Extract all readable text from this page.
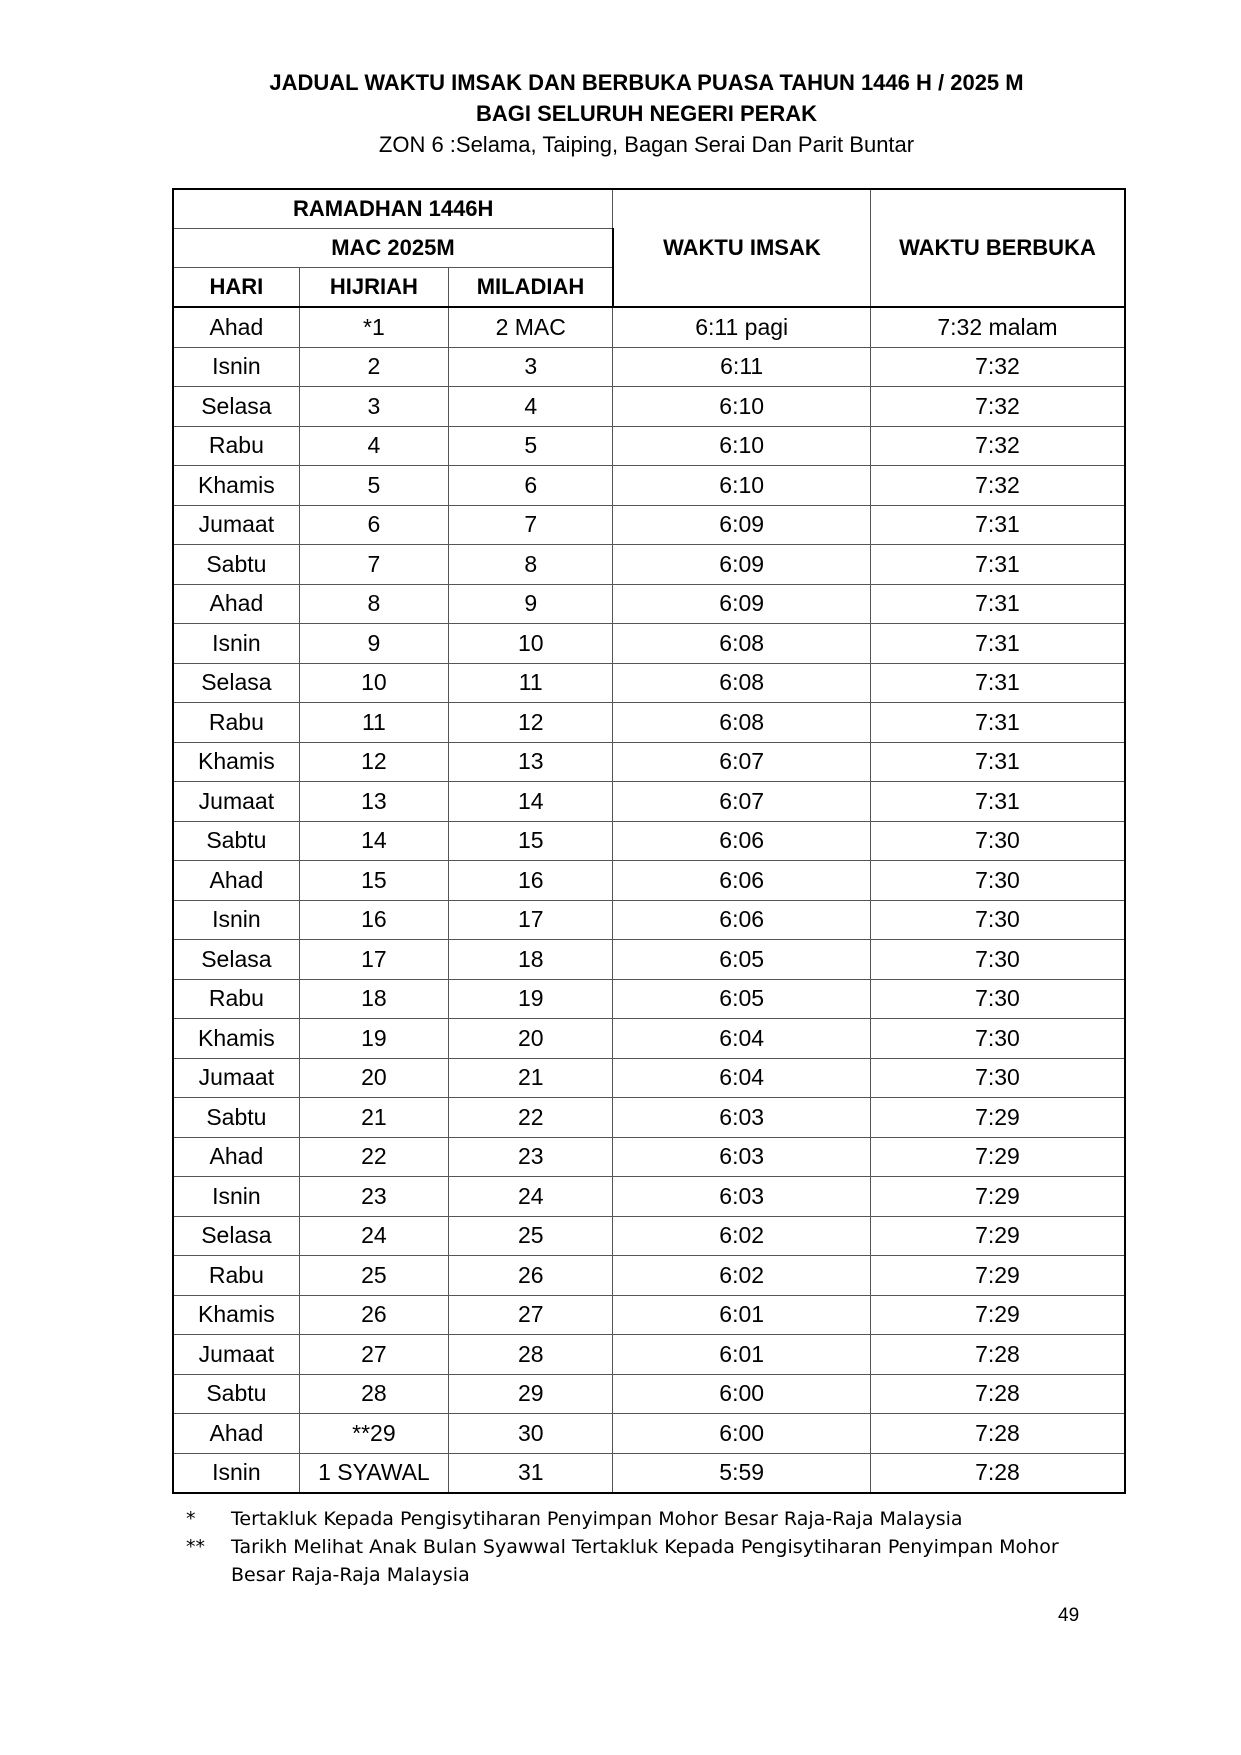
JADUAL WAKTU IMSAK DAN BERBUKA PUASA TAHUN 1446 H / 2025 M
BAGI SELURUH NEGERI PERAK
ZON 6 :Selama, Taiping, Bagan Serai Dan Parit Buntar
RAMADHAN 1446H			WAKTU IMSAK	WAKTU BERBUKA
MAC 2025M				
HARI	HIJRIAH	MILADIAH		
Ahad	*1	2 MAC	6:11 pagi	7:32 malam
Isnin	2	3	6:11	7:32
Selasa	3	4	6:10	7:32
Rabu	4	5	6:10	7:32
Khamis	5	6	6:10	7:32
Jumaat	6	7	6:09	7:31
Sabtu	7	8	6:09	7:31
Ahad	8	9	6:09	7:31
Isnin	9	10	6:08	7:31
Selasa	10	11	6:08	7:31
Rabu	11	12	6:08	7:31
Khamis	12	13	6:07	7:31
Jumaat	13	14	6:07	7:31
Sabtu	14	15	6:06	7:30
Ahad	15	16	6:06	7:30
Isnin	16	17	6:06	7:30
Selasa	17	18	6:05	7:30
Rabu	18	19	6:05	7:30
Khamis	19	20	6:04	7:30
Jumaat	20	21	6:04	7:30
Sabtu	21	22	6:03	7:29
Ahad	22	23	6:03	7:29
Isnin	23	24	6:03	7:29
Selasa	24	25	6:02	7:29
Rabu	25	26	6:02	7:29
Khamis	26	27	6:01	7:29
Jumaat	27	28	6:01	7:28
Sabtu	28	29	6:00	7:28
Ahad	**29	30	6:00	7:28
Isnin	1 SYAWAL	31	5:59	7:28
*	Tertakluk Kepada Pengisytiharan Penyimpan Mohor Besar Raja-Raja Malaysia
**	Tarikh Melihat Anak Bulan Syawwal Tertakluk Kepada Pengisytiharan Penyimpan Mohor
Besar Raja-Raja Malaysia
49
